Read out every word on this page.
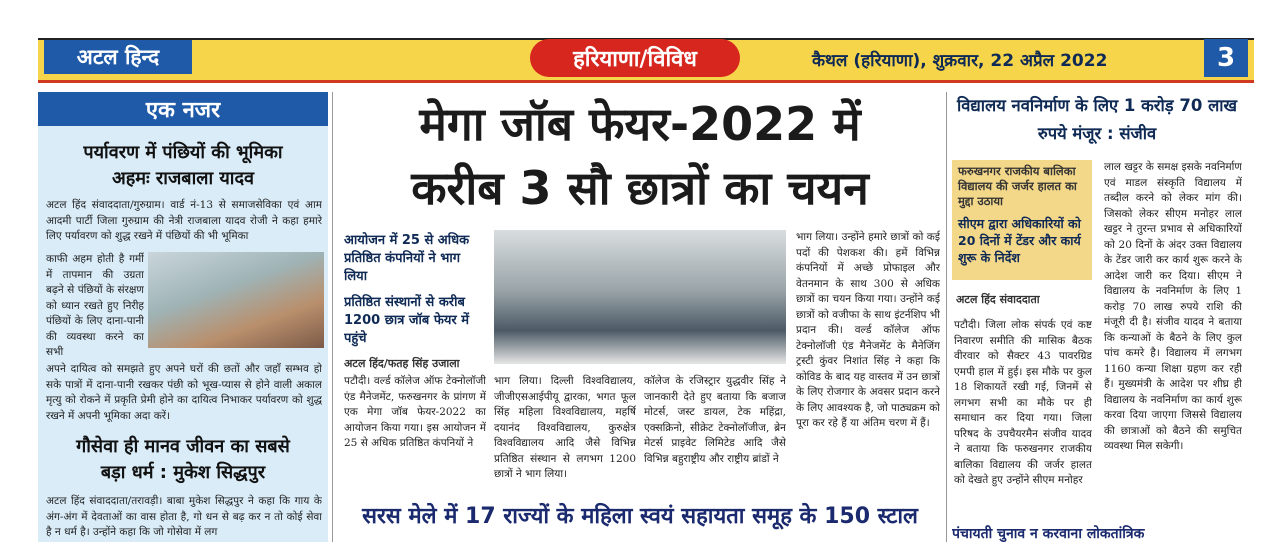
अटल हिन्द	हरियाणा/विविध	कैथल (हरियाणा), शुक्रवार, 22 अप्रैल 2022	3
एक नजर
पर्यावरण में पंछियों की भूमिका
अहमः राजबाला यादव
अटल हिंद संवाददाता/गुरुग्राम। वार्ड नं-13 से समाजसेविका एवं आम आदमी पार्टी जिला गुरुग्राम की नेत्री राजबाला यादव रोजी ने कहा हमारे लिए पर्यावरण को शुद्ध रखने में पंछियों की भी भूमिका
काफी अहम होती है गर्मी में तापमान की उग्रता बढ़ने से पंछियों के संरक्षण को ध्यान रखते हुए निरीह पंछियों के लिए दाना-पानी की व्यवस्था करने का सभी
अपने दायित्व को समझते हुए अपने घरों की छतों और जहाँ सम्भव हो सके पात्रों में दाना-पानी रखकर पंछी को भूख-प्यास से होने वाली अकाल मृत्यु को रोकने में प्रकृति प्रेमी होने का दायित्व निभाकर पर्यावरण को शुद्ध रखने में अपनी भूमिका अदा करें।
गौसेवा ही मानव जीवन का सबसे
बड़ा धर्म : मुकेश सिद्धपुर
अटल हिंद संवाददाता/तरावड़ी। बाबा मुकेश सिद्धपुर ने कहा कि गाय के अंग-अंग में देवताओं का वास होता है, गो धन से बढ़ कर न तो कोई सेवा है न धर्म है। उन्होंने कहा कि जो गोसेवा में लग
मेगा जॉब फेयर-2022 में
करीब 3 सौ छात्रों का चयन
आयोजन में 25 से अधिक प्रतिष्ठित कंपनियों ने भाग लिया
प्रतिष्ठित संस्थानों से करीब 1200 छात्र जॉब फेयर में पहुंचे
अटल हिंद/फतह सिंह उजाला
पटौदी। वर्ल्ड कॉलेज ऑफ टेक्नोलॉजी एंड मैनेजमेंट, फरुखनगर के प्रांगण में एक मेगा जॉब फेयर-2022 का आयोजन किया गया। इस आयोजन में 25 से अधिक प्रतिष्ठित कंपनियों ने
भाग लिया। दिल्ली विश्वविद्यालय, जीजीएसआईपीयू द्वारका, भगत फूल सिंह महिला विश्वविद्यालय, महर्षि दयानंद विश्वविद्यालय, कुरुक्षेत्र विश्वविद्यालय आदि जैसे विभिन्न प्रतिष्ठित संस्थान से लगभग 1200 छात्रों ने भाग लिया।
कॉलेज के रजिस्ट्रार युद्धवीर सिंह ने जानकारी देते हुए बताया कि बजाज मोटर्स, जस्ट डायल, टेक महिंद्रा, एक्सक्रिनो, सीक्रेट टेक्नोलॉजीज, ब्रेन मेटर्स प्राइवेट लिमिटेड आदि जैसे विभिन्न बहुराष्ट्रीय और राष्ट्रीय ब्रांडों ने
भाग लिया। उन्होंने हमारे छात्रों को कई पदों की पेशकश की। हमें विभिन्न कंपनियों में अच्छे प्रोफाइल और वेतनमान के साथ 300 से अधिक छात्रों का चयन किया गया। उन्होंने कई छात्रों को वजीफा के साथ इंटर्नशिप भी प्रदान की। वर्ल्ड कॉलेज ऑफ टेक्नोलॉजी एंड मैनेजमेंट के मैनेजिंग ट्रस्टी कुंवर निशांत सिंह ने कहा कि कोविड के बाद यह वास्तव में उन छात्रों के लिए रोजगार के अवसर प्रदान करने के लिए आवश्यक है, जो पाठ्यक्रम को पूरा कर रहे हैं या अंतिम चरण में हैं।
सरस मेले में 17 राज्यों के महिला स्वयं सहायता समूह के 150 स्टाल
विद्यालय नवनिर्माण के लिए 1 करोड़ 70 लाख रुपये मंजूर : संजीव
फरुखनगर राजकीय बालिका विद्यालय की जर्जर हालत का मुद्दा उठाया
सीएम द्वारा अधिकारियों को 20 दिनों में टेंडर और कार्य शुरू के निर्देश
अटल हिंद संवाददाता
पटौदी। जिला लोक संपर्क एवं कष्ट निवारण समीति की मासिक बैठक वीरवार को सैक्टर 43 पावरग्रिड एमपी हाल में हुई। इस मौके पर कुल 18 शिकायतें रखी गई, जिनमें से लगभग सभी का मौके पर ही समाधान कर दिया गया। जिला परिषद के उपचैयरमैन संजीव यादव ने बताया कि फरुखनगर राजकीय बालिका विद्यालय की जर्जर हालत को देखते हुए उन्होंने सीएम मनोहर
लाल खट्टर के समक्ष इसके नवनिर्माण एवं माडल संस्कृति विद्यालय में तब्दील करने को लेकर मांग की। जिसको लेकर सीएम मनोहर लाल खट्टर ने तुरन्त प्रभाव से अधिकारियों को 20 दिनों के अंदर उक्त विद्यालय के टेंडर जारी कर कार्य शुरू करने के आदेश जारी कर दिया। सीएम ने विद्यालय के नवनिर्माण के लिए 1 करोड़ 70 लाख रुपये राशि की मंजूरी दी है। संजीव यादव ने बताया कि कन्याओं के बैठने के लिए कुल पांच कमरे है। विद्यालय में लगभग 1160 कन्या शिक्षा ग्रहण कर रही हैं। मुख्यमंत्री के आदेश पर शीघ्र ही विद्यालय के नवनिर्माण का कार्य शुरू करवा दिया जाएगा जिससे विद्यालय की छात्राओं को बैठने की समुचित व्यवस्था मिल सकेगी।
पंचायती चुनाव न करवाना लोकतांत्रिक
